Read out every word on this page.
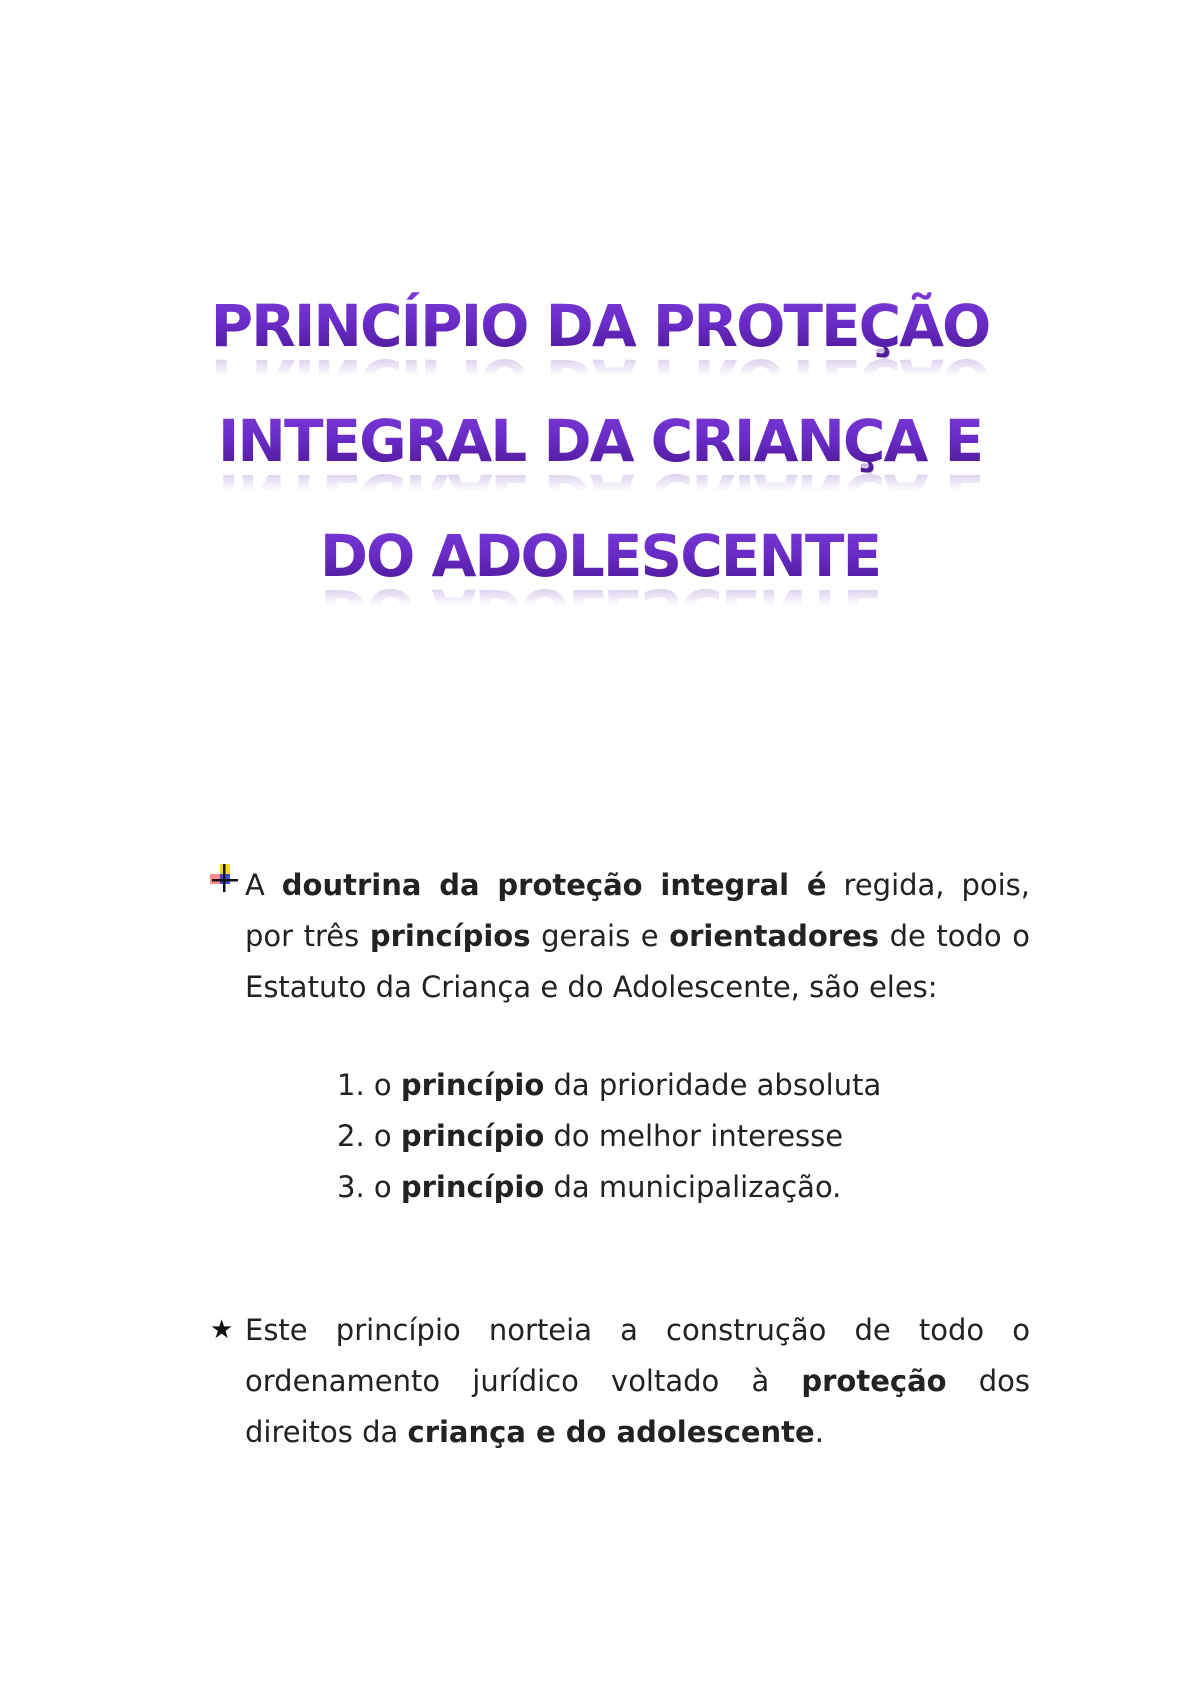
PRINCÍPIO DA PROTEÇÃO
INTEGRAL DA CRIANÇA E
DO ADOLESCENTE
A doutrina da proteção integral é regida, pois, por três princípios gerais e orientadores de todo o Estatuto da Criança e do Adolescente, são eles:
1. o princípio da prioridade absoluta
2. o princípio do melhor interesse
3. o princípio da municipalização.
★ Este princípio norteia a construção de todo o ordenamento jurídico voltado à proteção dos direitos da criança e do adolescente.
